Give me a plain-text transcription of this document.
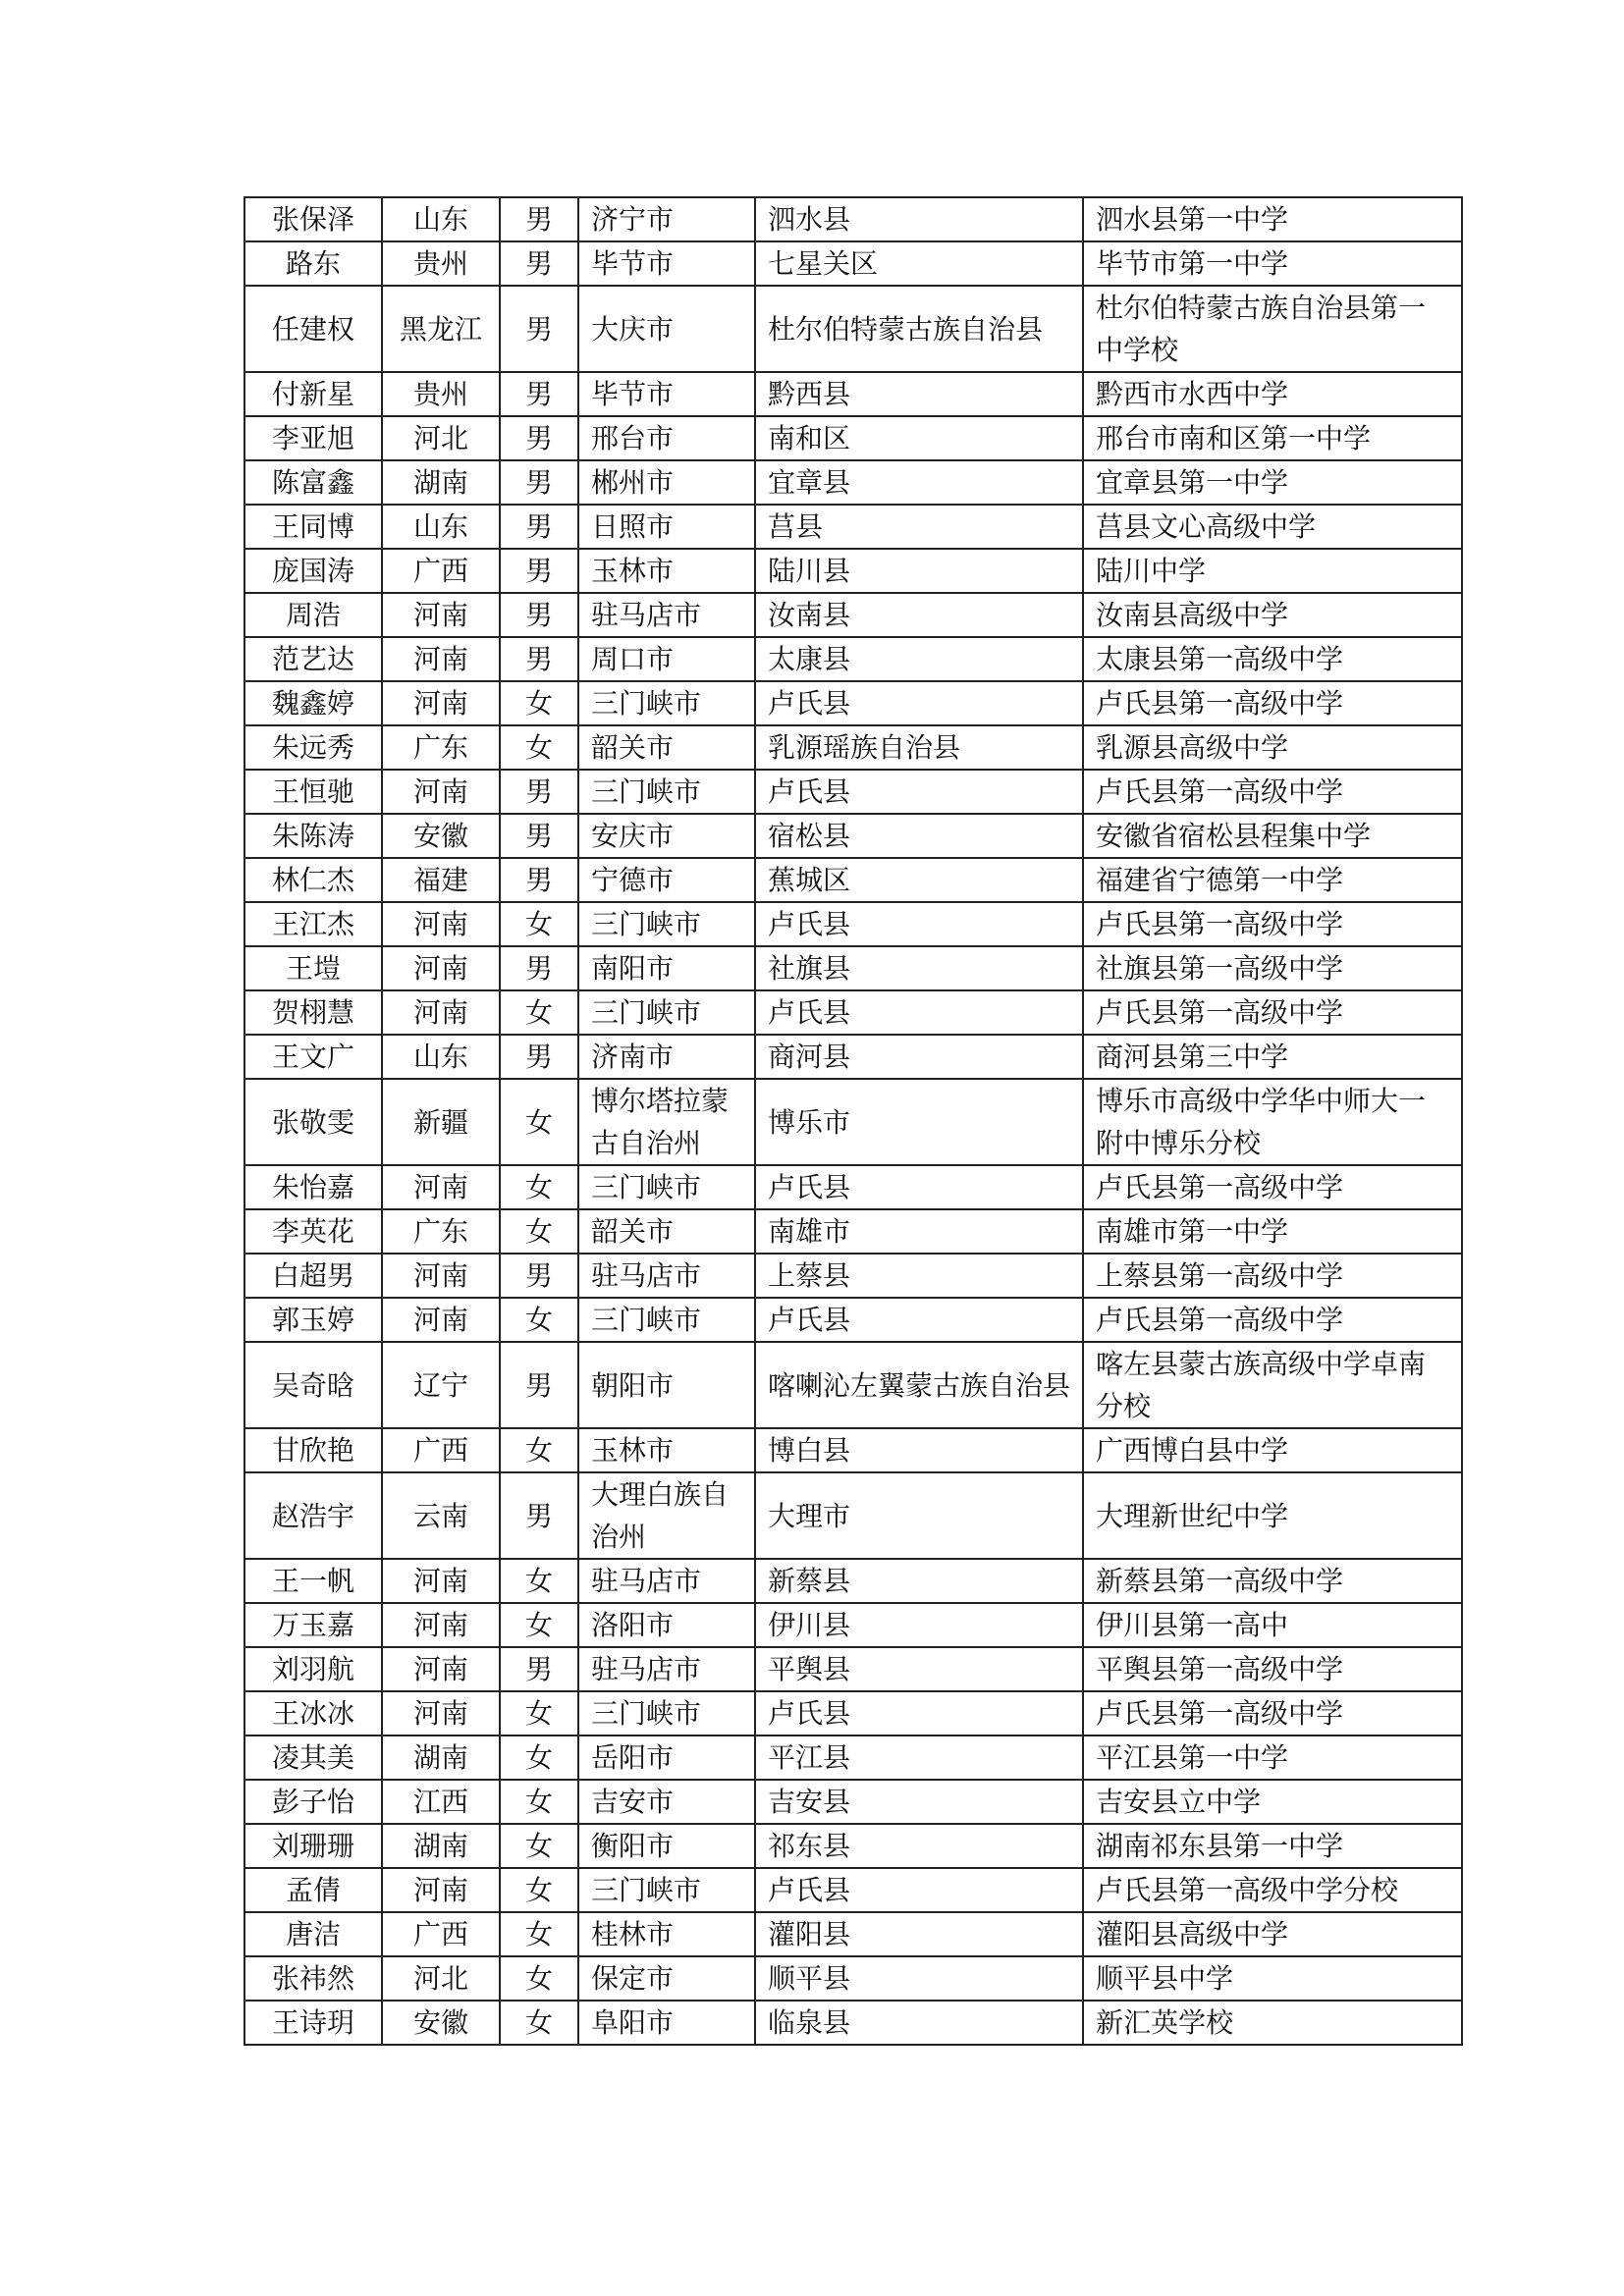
张保泽	山东	男	济宁市	泗水县	泗水县第一中学
路东	贵州	男	毕节市	七星关区	毕节市第一中学
任建权	黑龙江	男	大庆市	杜尔伯特蒙古族自治县	杜尔伯特蒙古族自治县第一中学校
付新星	贵州	男	毕节市	黔西县	黔西市水西中学
李亚旭	河北	男	邢台市	南和区	邢台市南和区第一中学
陈富鑫	湖南	男	郴州市	宜章县	宜章县第一中学
王同博	山东	男	日照市	莒县	莒县文心高级中学
庞国涛	广西	男	玉林市	陆川县	陆川中学
周浩	河南	男	驻马店市	汝南县	汝南县高级中学
范艺达	河南	男	周口市	太康县	太康县第一高级中学
魏鑫婷	河南	女	三门峡市	卢氏县	卢氏县第一高级中学
朱远秀	广东	女	韶关市	乳源瑶族自治县	乳源县高级中学
王恒驰	河南	男	三门峡市	卢氏县	卢氏县第一高级中学
朱陈涛	安徽	男	安庆市	宿松县	安徽省宿松县程集中学
林仁杰	福建	男	宁德市	蕉城区	福建省宁德第一中学
王江杰	河南	女	三门峡市	卢氏县	卢氏县第一高级中学
王塏	河南	男	南阳市	社旗县	社旗县第一高级中学
贺栩慧	河南	女	三门峡市	卢氏县	卢氏县第一高级中学
王文广	山东	男	济南市	商河县	商河县第三中学
张敬雯	新疆	女	博尔塔拉蒙古自治州	博乐市	博乐市高级中学华中师大一附中博乐分校
朱怡嘉	河南	女	三门峡市	卢氏县	卢氏县第一高级中学
李英花	广东	女	韶关市	南雄市	南雄市第一中学
白超男	河南	男	驻马店市	上蔡县	上蔡县第一高级中学
郭玉婷	河南	女	三门峡市	卢氏县	卢氏县第一高级中学
吴奇晗	辽宁	男	朝阳市	喀喇沁左翼蒙古族自治县	喀左县蒙古族高级中学卓南分校
甘欣艳	广西	女	玉林市	博白县	广西博白县中学
赵浩宇	云南	男	大理白族自治州	大理市	大理新世纪中学
王一帆	河南	女	驻马店市	新蔡县	新蔡县第一高级中学
万玉嘉	河南	女	洛阳市	伊川县	伊川县第一高中
刘羽航	河南	男	驻马店市	平舆县	平舆县第一高级中学
王冰冰	河南	女	三门峡市	卢氏县	卢氏县第一高级中学
凌其美	湖南	女	岳阳市	平江县	平江县第一中学
彭子怡	江西	女	吉安市	吉安县	吉安县立中学
刘珊珊	湖南	女	衡阳市	祁东县	湖南祁东县第一中学
孟倩	河南	女	三门峡市	卢氏县	卢氏县第一高级中学分校
唐洁	广西	女	桂林市	灌阳县	灌阳县高级中学
张祎然	河北	女	保定市	顺平县	顺平县中学
王诗玥	安徽	女	阜阳市	临泉县	新汇英学校
